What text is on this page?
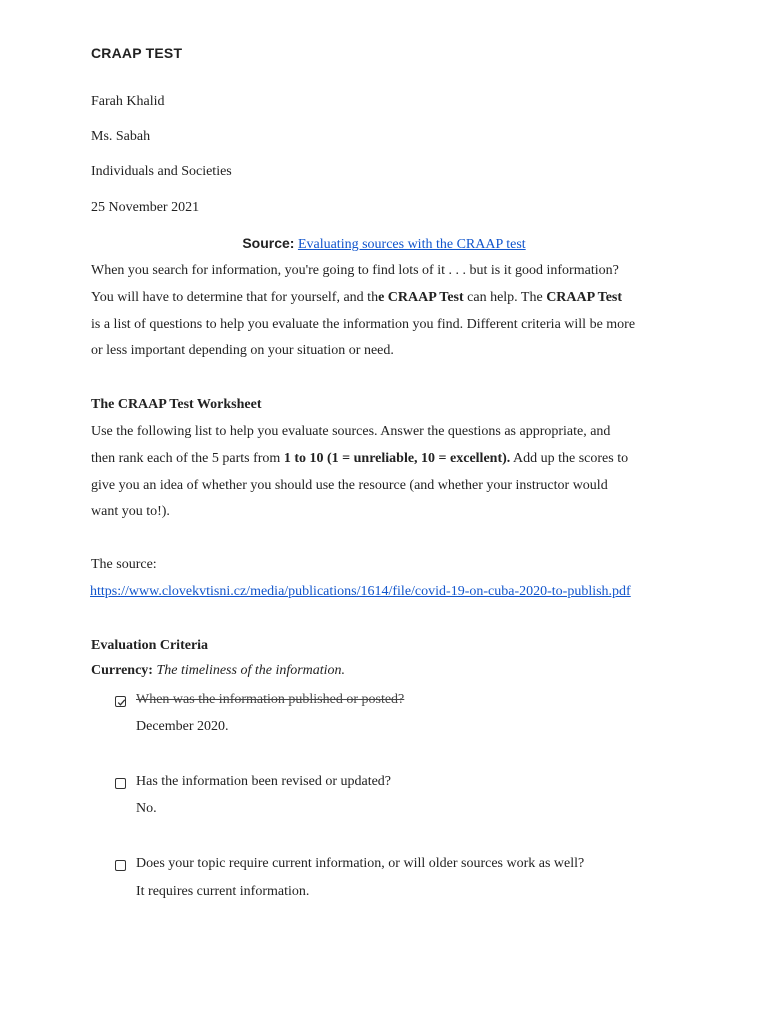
CRAAP TEST
Farah Khalid
Ms. Sabah
Individuals and Societies
25 November 2021
Source: Evaluating sources with the CRAAP test
When you search for information, you're going to find lots of it . . . but is it good information?
You will have to determine that for yourself, and the CRAAP Test can help. The CRAAP Test
is a list of questions to help you evaluate the information you find. Different criteria will be more
or less important depending on your situation or need.
The CRAAP Test Worksheet
Use the following list to help you evaluate sources. Answer the questions as appropriate, and
then rank each of the 5 parts from 1 to 10 (1 = unreliable, 10 = excellent). Add up the scores to
give you an idea of whether you should use the resource (and whether your instructor would
want you to!).
The source:
https://www.clovekvtisni.cz/media/publications/1614/file/covid-19-on-cuba-2020-to-publish.pdf
Evaluation Criteria
Currency: The timeliness of the information.
When was the information published or posted?
December 2020.
Has the information been revised or updated?
No.
Does your topic require current information, or will older sources work as well?
It requires current information.
